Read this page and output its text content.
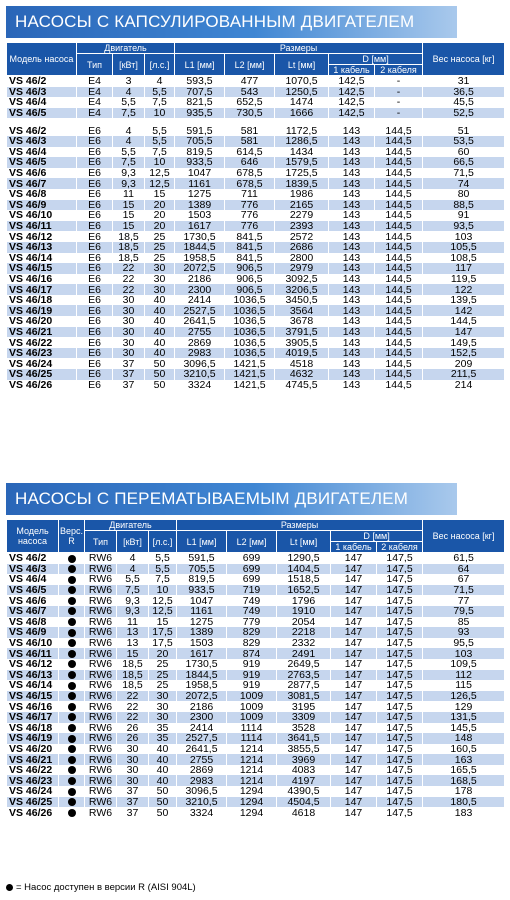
НАСОСЫ С КАПСУЛИРОВАННЫМ ДВИГАТЕЛЕМ
Модель насоса	Двигатель			Размеры					Вес насоса [кг]
	Тип	[кВт]	[л.с.]	L1 [мм]	L2 [мм]	Lt [мм]	D [мм]		
							1 кабель	2 кабеля	
VS 46/2	E4	3	4	593,5	477	1070,5	142,5	-	31
VS 46/3	E4	4	5,5	707,5	543	1250,5	142,5	-	36,5
VS 46/4	E4	5,5	7,5	821,5	652,5	1474	142,5	-	45,5
VS 46/5	E4	7,5	10	935,5	730,5	1666	142,5	-	52,5

VS 46/2	E6	4	5,5	591,5	581	1172,5	143	144,5	51
VS 46/3	E6	4	5,5	705,5	581	1286,5	143	144,5	53,5
VS 46/4	E6	5,5	7,5	819,5	614,5	1434	143	144,5	60
VS 46/5	E6	7,5	10	933,5	646	1579,5	143	144,5	66,5
VS 46/6	E6	9,3	12,5	1047	678,5	1725,5	143	144,5	71,5
VS 46/7	E6	9,3	12,5	1161	678,5	1839,5	143	144,5	74
VS 46/8	E6	11	15	1275	711	1986	143	144,5	80
VS 46/9	E6	15	20	1389	776	2165	143	144,5	88,5
VS 46/10	E6	15	20	1503	776	2279	143	144,5	91
VS 46/11	E6	15	20	1617	776	2393	143	144,5	93,5
VS 46/12	E6	18,5	25	1730,5	841,5	2572	143	144,5	103
VS 46/13	E6	18,5	25	1844,5	841,5	2686	143	144,5	105,5
VS 46/14	E6	18,5	25	1958,5	841,5	2800	143	144,5	108,5
VS 46/15	E6	22	30	2072,5	906,5	2979	143	144,5	117
VS 46/16	E6	22	30	2186	906,5	3092,5	143	144,5	119,5
VS 46/17	E6	22	30	2300	906,5	3206,5	143	144,5	122
VS 46/18	E6	30	40	2414	1036,5	3450,5	143	144,5	139,5
VS 46/19	E6	30	40	2527,5	1036,5	3564	143	144,5	142
VS 46/20	E6	30	40	2641,5	1036,5	3678	143	144,5	144,5
VS 46/21	E6	30	40	2755	1036,5	3791,5	143	144,5	147
VS 46/22	E6	30	40	2869	1036,5	3905,5	143	144,5	149,5
VS 46/23	E6	30	40	2983	1036,5	4019,5	143	144,5	152,5
VS 46/24	E6	37	50	3096,5	1421,5	4518	143	144,5	209
VS 46/25	E6	37	50	3210,5	1421,5	4632	143	144,5	211,5
VS 46/26	E6	37	50	3324	1421,5	4745,5	143	144,5	214
НАСОСЫ С ПЕРЕМАТЫВАЕМЫМ ДВИГАТЕЛЕМ
Модель насоса	Верс. R	Двигатель			Размеры					Вес насоса [кг]
		Тип	[кВт]	[л.с.]	L1 [мм]	L2 [мм]	Lt [мм]	D [мм]		
								1 кабель	2 кабеля	
VS 46/2		RW6	4	5,5	591,5	699	1290,5	147	147,5	61,5
VS 46/3		RW6	4	5,5	705,5	699	1404,5	147	147,5	64
VS 46/4		RW6	5,5	7,5	819,5	699	1518,5	147	147,5	67
VS 46/5		RW6	7,5	10	933,5	719	1652,5	147	147,5	71,5
VS 46/6		RW6	9,3	12,5	1047	749	1796	147	147,5	77
VS 46/7		RW6	9,3	12,5	1161	749	1910	147	147,5	79,5
VS 46/8		RW6	11	15	1275	779	2054	147	147,5	85
VS 46/9		RW6	13	17,5	1389	829	2218	147	147,5	93
VS 46/10		RW6	13	17,5	1503	829	2332	147	147,5	95,5
VS 46/11		RW6	15	20	1617	874	2491	147	147,5	103
VS 46/12		RW6	18,5	25	1730,5	919	2649,5	147	147,5	109,5
VS 46/13		RW6	18,5	25	1844,5	919	2763,5	147	147,5	112
VS 46/14		RW6	18,5	25	1958,5	919	2877,5	147	147,5	115
VS 46/15		RW6	22	30	2072,5	1009	3081,5	147	147,5	126,5
VS 46/16		RW6	22	30	2186	1009	3195	147	147,5	129
VS 46/17		RW6	22	30	2300	1009	3309	147	147,5	131,5
VS 46/18		RW6	26	35	2414	1114	3528	147	147,5	145,5
VS 46/19		RW6	26	35	2527,5	1114	3641,5	147	147,5	148
VS 46/20		RW6	30	40	2641,5	1214	3855,5	147	147,5	160,5
VS 46/21		RW6	30	40	2755	1214	3969	147	147,5	163
VS 46/22		RW6	30	40	2869	1214	4083	147	147,5	165,5
VS 46/23		RW6	30	40	2983	1214	4197	147	147,5	168,5
VS 46/24		RW6	37	50	3096,5	1294	4390,5	147	147,5	178
VS 46/25		RW6	37	50	3210,5	1294	4504,5	147	147,5	180,5
VS 46/26		RW6	37	50	3324	1294	4618	147	147,5	183
= Насос доступен в версии R (AISI 904L)
